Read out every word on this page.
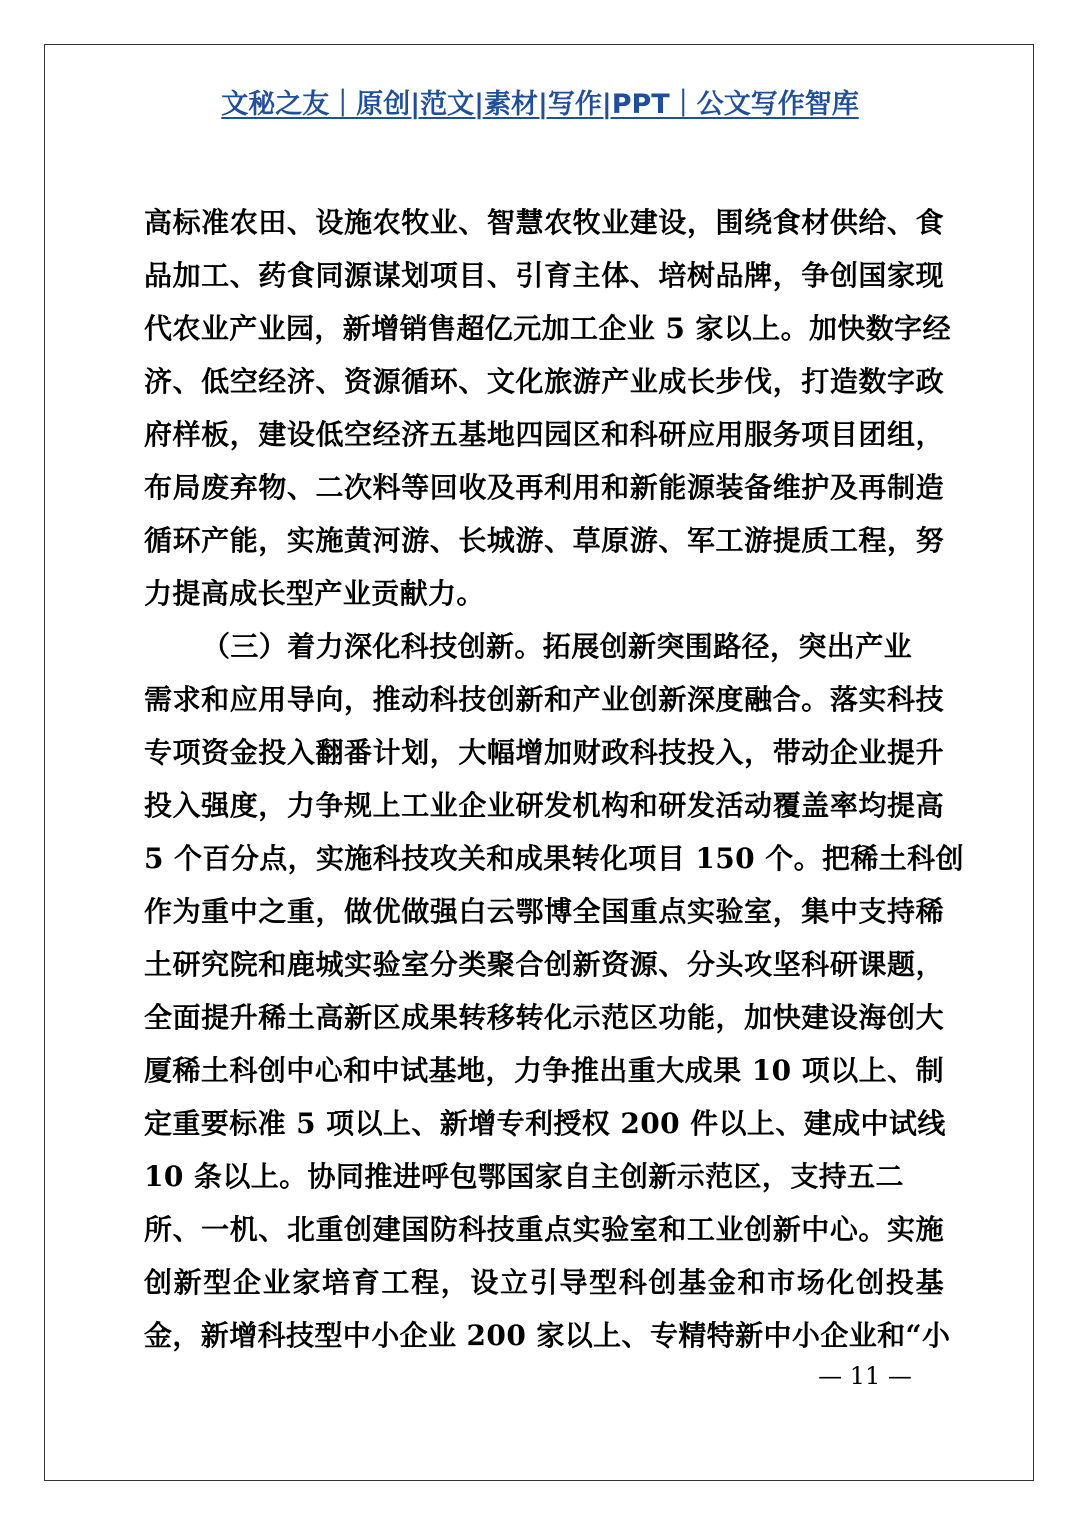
文秘之友｜原创|范文|素材|写作|PPT｜公文写作智库
高标准农田、设施农牧业、智慧农牧业建设，围绕食材供给、食
品加工、药食同源谋划项目、引育主体、培树品牌，争创国家现
代农业产业园，新增销售超亿元加工企业 5 家以上。加快数字经
济、低空经济、资源循环、文化旅游产业成长步伐，打造数字政
府样板，建设低空经济五基地四园区和科研应用服务项目团组，
布局废弃物、二次料等回收及再利用和新能源装备维护及再制造
循环产能，实施黄河游、长城游、草原游、军工游提质工程，努
力提高成长型产业贡献力。
（三）着力深化科技创新。拓展创新突围路径，突出产业
需求和应用导向，推动科技创新和产业创新深度融合。落实科技
专项资金投入翻番计划，大幅增加财政科技投入，带动企业提升
投入强度，力争规上工业企业研发机构和研发活动覆盖率均提高
5 个百分点，实施科技攻关和成果转化项目 150 个。把稀土科创
作为重中之重，做优做强白云鄂博全国重点实验室，集中支持稀
土研究院和鹿城实验室分类聚合创新资源、分头攻坚科研课题，
全面提升稀土高新区成果转移转化示范区功能，加快建设海创大
厦稀土科创中心和中试基地，力争推出重大成果 10 项以上、制
定重要标准 5 项以上、新增专利授权 200 件以上、建成中试线
10 条以上。协同推进呼包鄂国家自主创新示范区，支持五二
所、一机、北重创建国防科技重点实验室和工业创新中心。实施
创新型企业家培育工程，设立引导型科创基金和市场化创投基
金，新增科技型中小企业 200 家以上、专精特新中小企业和“小
— 11 —
